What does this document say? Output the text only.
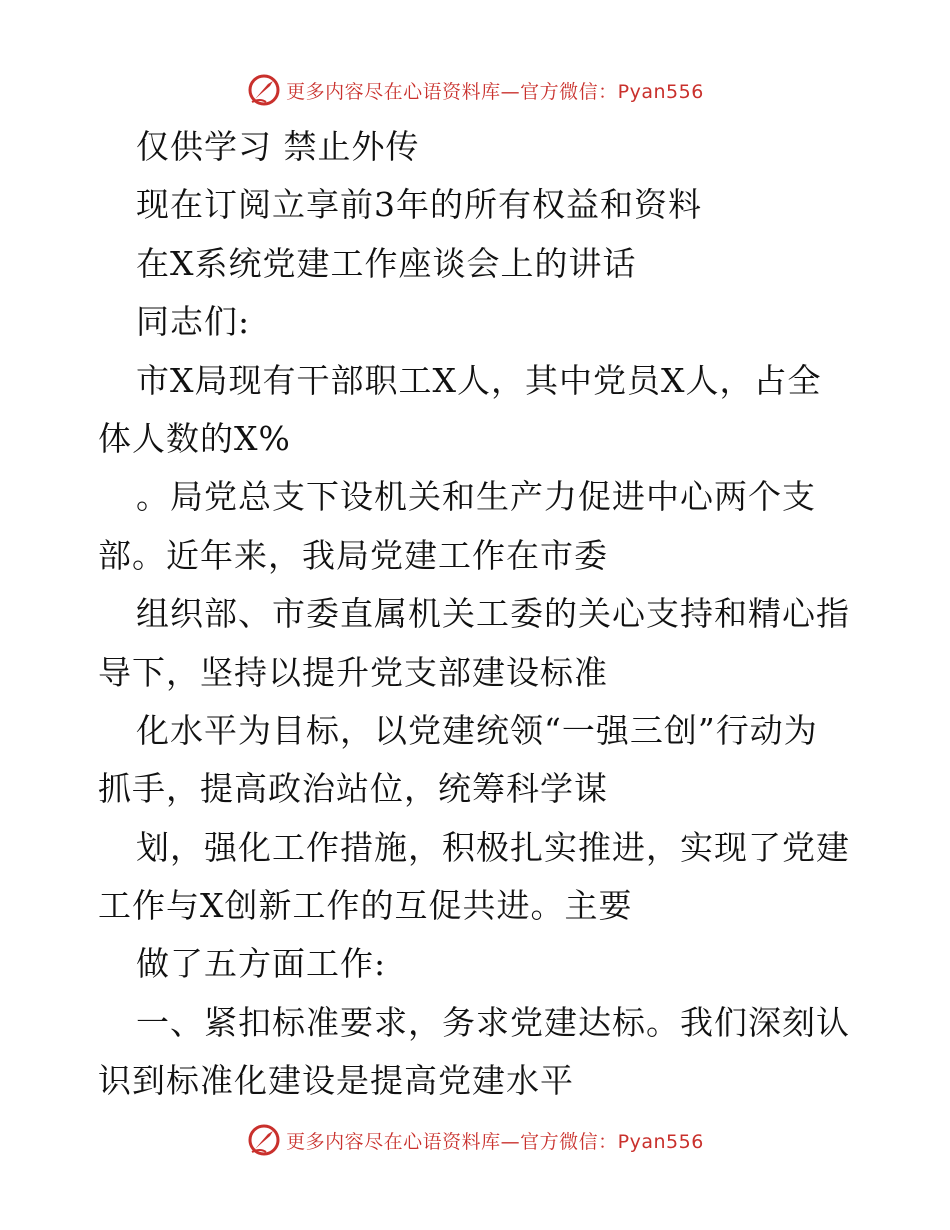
更多内容尽在心语资料库—官方微信：Pyan556
仅供学习 禁止外传
现在订阅立享前3年的所有权益和资料
在X系统党建工作座谈会上的讲话
同志们:
市X局现有干部职工X人，其中党员X人，占全
体人数的X%
。局党总支下设机关和生产力促进中心两个支
部。近年来，我局党建工作在市委
组织部、市委直属机关工委的关心支持和精心指
导下，坚持以提升党支部建设标准
化水平为目标，以党建统领“一强三创”行动为
抓手，提高政治站位，统筹科学谋
划，强化工作措施，积极扎实推进，实现了党建
工作与X创新工作的互促共进。主要
做了五方面工作:
一、紧扣标准要求，务求党建达标。我们深刻认
识到标准化建设是提高党建水平
更多内容尽在心语资料库—官方微信：Pyan556
